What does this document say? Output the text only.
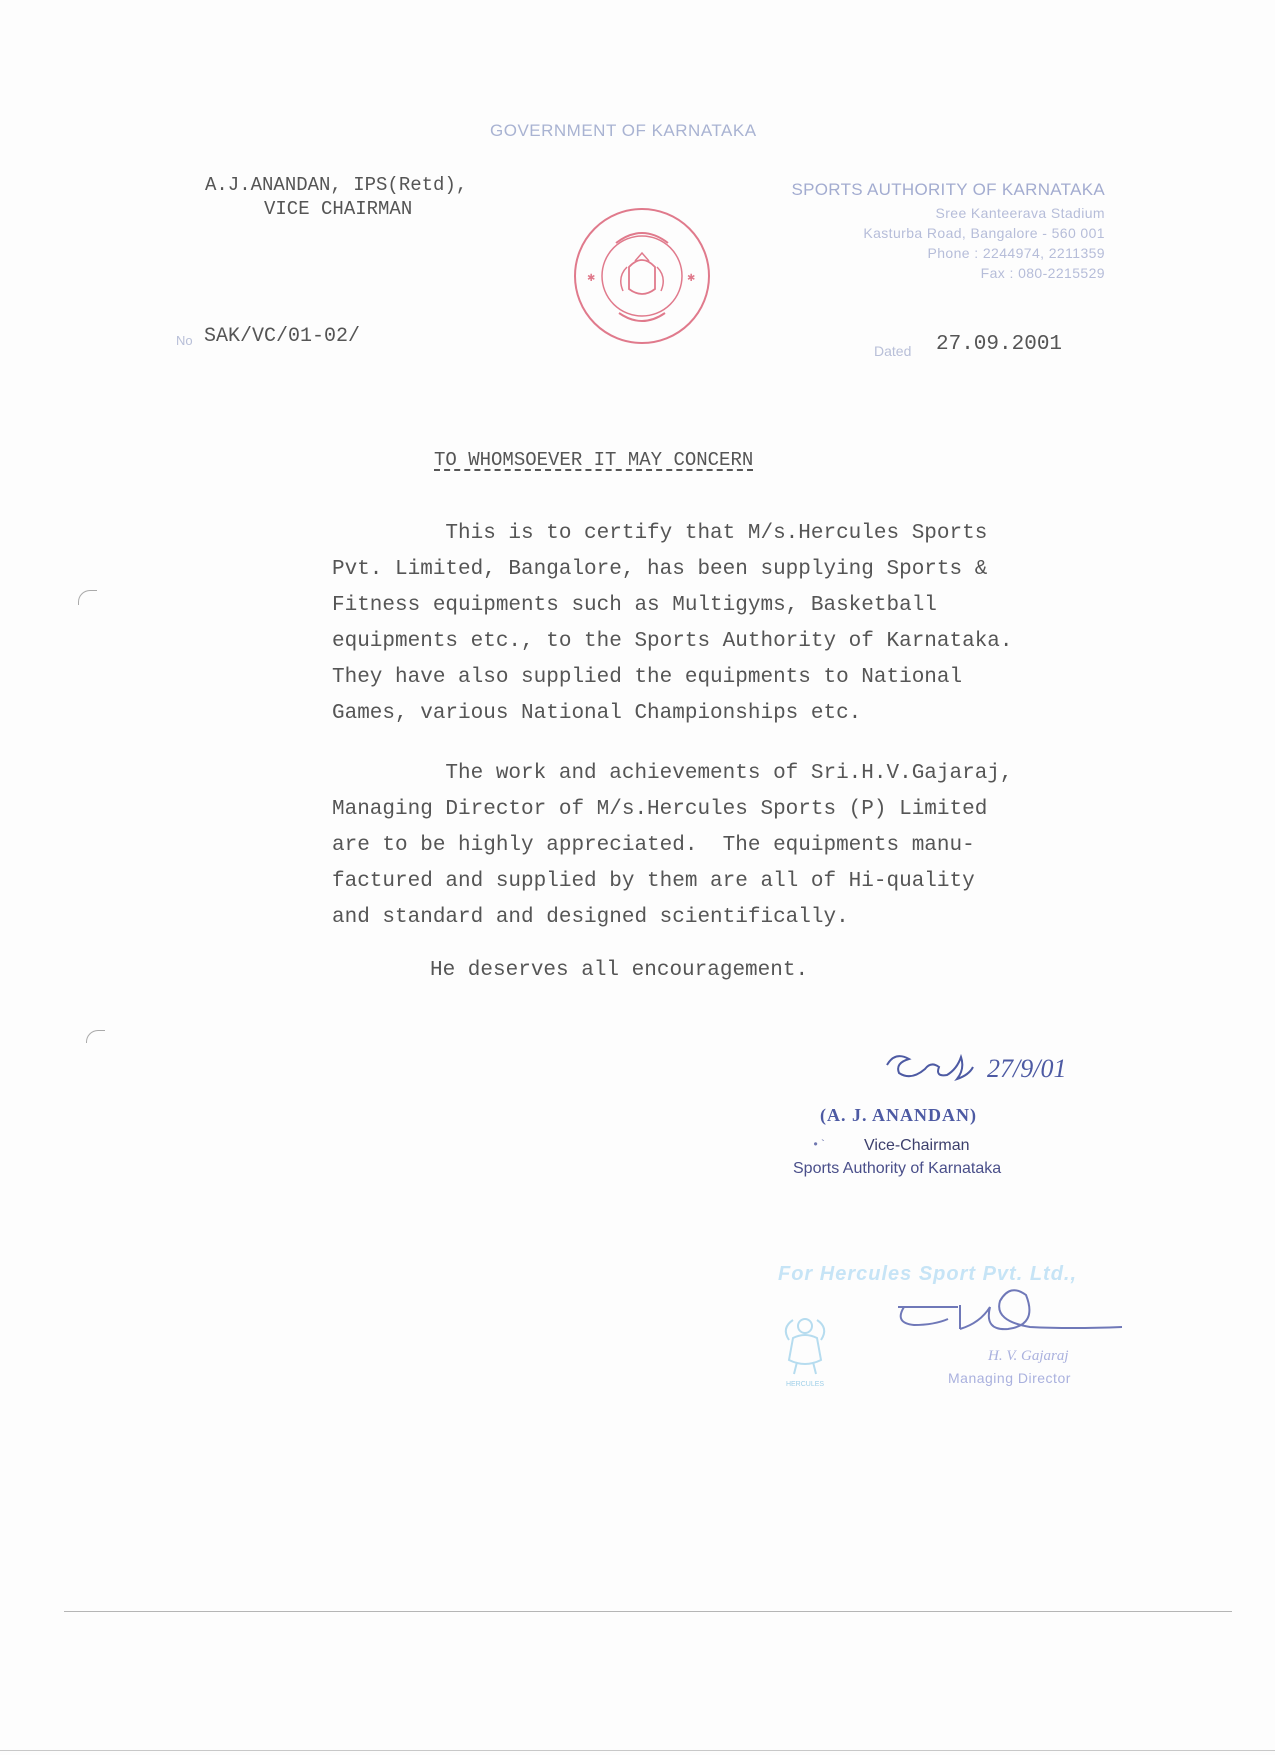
GOVERNMENT OF KARNATAKA
A.J.ANANDAN, IPS(Retd),
VICE CHAIRMAN
SPORTS AUTHORITY OF KARNATAKA
Sree Kanteerava Stadium
Kasturba Road, Bangalore - 560 001
Phone : 2244974, 2211359
Fax : 080-2215529
✱	✱
No SAK/VC/01-02/
Dated 27.09.2001
TO WHOMSOEVER IT MAY CONCERN
This is to certify that M/s.Hercules Sports
Pvt. Limited, Bangalore, has been supplying Sports &
Fitness equipments such as Multigyms, Basketball
equipments etc., to the Sports Authority of Karnataka.
They have also supplied the equipments to National
Games, various National Championships etc.
The work and achievements of Sri.H.V.Gajaraj,
Managing Director of M/s.Hercules Sports (P) Limited
are to be highly appreciated.  The equipments manu-
factured and supplied by them are all of Hi-quality
and standard and designed scientifically.
He deserves all encouragement.
27/9/01
(A. J. ANANDAN)
•` Vice-Chairman
Sports Authority of Karnataka
For Hercules Sport Pvt. Ltd.,
HERCULES
H. V. Gajaraj
Managing Director
